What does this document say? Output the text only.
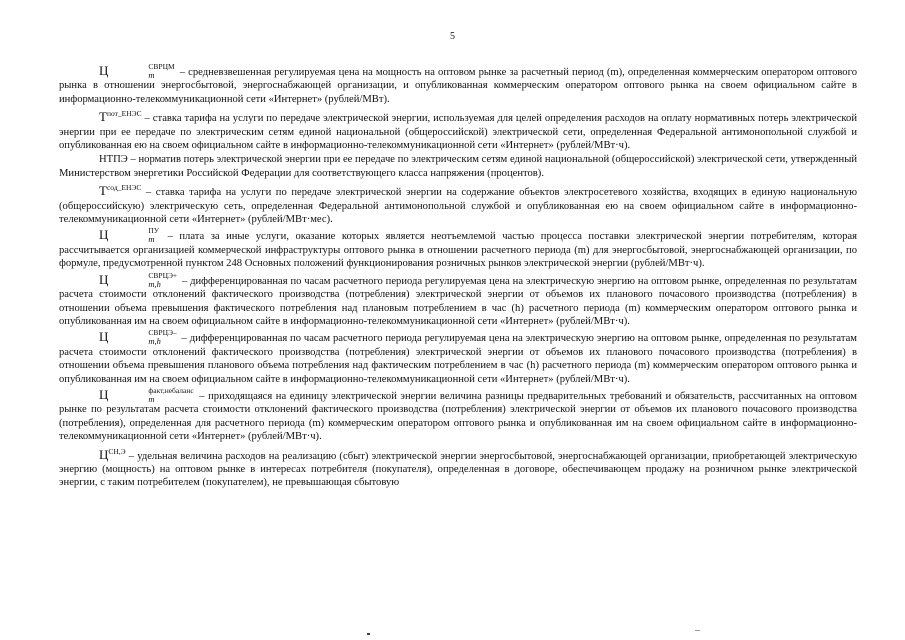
5

Ц	СВРЦМ
m	– средневзвешенная регулируемая цена на мощность на оптовом рынке за расчетный период (m), определенная коммерческим оператором оптового рынка в отношении энергосбытовой, энергоснабжающей организации, и опубликованная коммерческим оператором оптового рынка на своем официальном сайте в информационно-телекоммуникационной сети «Интернет» (рублей/МВт).

$Т^{пот\_ЕНЭС}$ – ставка тарифа на услуги по передаче электрической энергии, используемая для целей определения расходов на оплату нормативных потерь электрической энергии при ее передаче по электрическим сетям единой национальной (общероссийской) электрической сети, определенная Федеральной антимонопольной службой и опубликованная ею на своем официальном сайте в информационно-телекоммуникационной сети «Интернет» (рублей/МВт·ч).

НТПЭ – норматив потерь электрической энергии при ее передаче по электрическим сетям единой национальной (общероссийской) электрической сети, утвержденный Министерством энергетики Российской Федерации для соответствующего класса напряжения (процентов).

$Т^{сод\_ЕНЭС}$ – ставка тарифа на услуги по передаче электрической энергии на содержание объектов электросетевого хозяйства, входящих в единую национальную (общероссийскую) электрическую сеть, определенная Федеральной антимонопольной службой и опубликованная ею на своем официальном сайте в информационно-телекоммуникационной сети «Интернет» (рублей/МВт·мес).

Ц	ПУ
m – плата за иные услуги, оказание которых является неотъемлемой частью процесса поставки электрической энергии потребителям, которая рассчитывается организацией коммерческой инфраструктуры оптового рынка в отношении расчетного периода (m) для энергосбытовой, энергоснабжающей организации, по формуле, предусмотренной пунктом 248 Основных положений функционирования розничных рынков электрической энергии (рублей/МВт·ч).

Ц	СВРЦЭ+
m,h	– дифференцированная по часам расчетного периода регулируемая цена на электрическую энергию на оптовом рынке, определенная по результатам расчета стоимости отклонений фактического производства (потребления) электрической энергии от объемов их планового почасового производства (потребления) в отношении объема превышения фактического потребления над плановым потреблением в час (h) расчетного периода (m) коммерческим оператором оптового рынка и опубликованная им на своем официальном сайте в информационно-телекоммуникационной сети «Интернет» (рублей/МВт·ч).

Ц	СВРЦЭ–
m,h	– дифференцированная по часам расчетного периода регулируемая цена на электрическую энергию на оптовом рынке, определенная по результатам расчета стоимости отклонений фактического производства (потребления) электрической энергии от объемов их планового почасового производства (потребления) в отношении объема превышения планового объема потребления над фактическим потреблением в час (h) расчетного периода (m) коммерческим оператором оптового рынка и опубликованная им на своем официальном сайте в информационно-телекоммуникационной сети «Интернет» (рублей/МВт·ч).

Ц	факт,небаланс
m	– приходящаяся на единицу электрической энергии величина разницы предварительных требований и обязательств, рассчитанных на оптовом рынке по результатам расчета стоимости отклонений фактического производства (потребления) электрической энергии от объемов их планового почасового производства (потребления), определенная для расчетного периода (m) коммерческим оператором оптового рынка и опубликованная им на своем официальном сайте в информационно-телекоммуникационной сети «Интернет» (рублей/МВт·ч).

$Ц^{СН,Э}$ – удельная величина расходов на реализацию (сбыт) электрической энергии энергосбытовой, энергоснабжающей организации, приобретающей электрическую энергию (мощность) на оптовом рынке в интересах потребителя (покупателя), определенная в договоре, обеспечивающем продажу на розничном рынке электрической энергии, с таким потребителем (покупателем), не превышающая сбытовую
